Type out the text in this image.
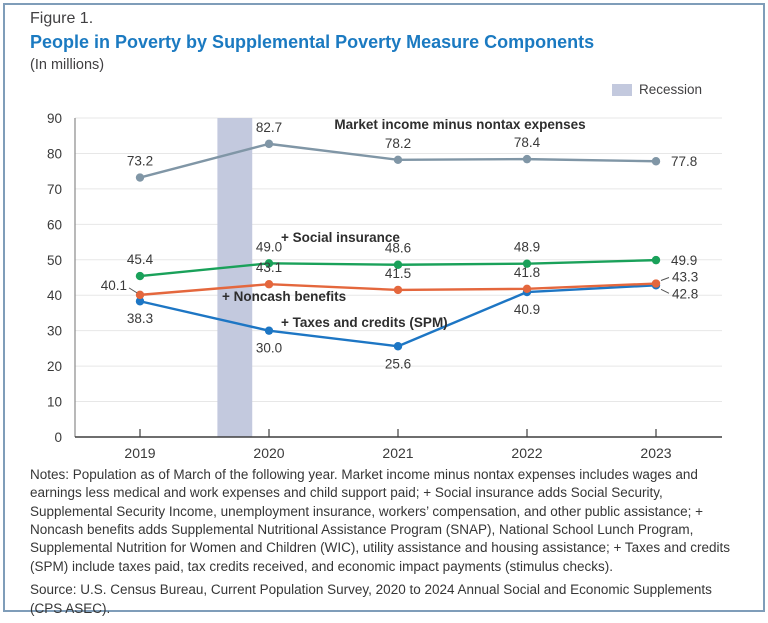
Figure 1.
People in Poverty by Supplemental Poverty Measure Components
(In millions)
Recession
0
10
20
30
40
50
60
70
80
90
2019	2020	2021	2022	2023
73.2
82.7
78.2	78.4
77.8
Market income minus nontax expenses
45.4
49.0	48.6	48.9
49.9
+ Social insurance
40.1
43.1	41.5	41.8	43.3
+ Noncash benefits
38.3
30.0
25.6
40.9
42.8
+ Taxes and credits (SPM)

Notes: Population as of March of the following year. Market income minus nontax expenses includes wages and earnings less medical and work expenses and child support paid; + Social insurance adds Social Security, Supplemental Security Income, unemployment insurance, workers’ compensation, and other public assistance; + Noncash benefits adds Supplemental Nutritional Assistance Program (SNAP), National School Lunch Program, Supplemental Nutrition for Women and Children (WIC), utility assistance and housing assistance; + Taxes and credits (SPM) include taxes paid, tax credits received, and economic impact payments (stimulus checks).

Source: U.S. Census Bureau, Current Population Survey, 2020 to 2024 Annual Social and Economic Supplements (CPS ASEC).
